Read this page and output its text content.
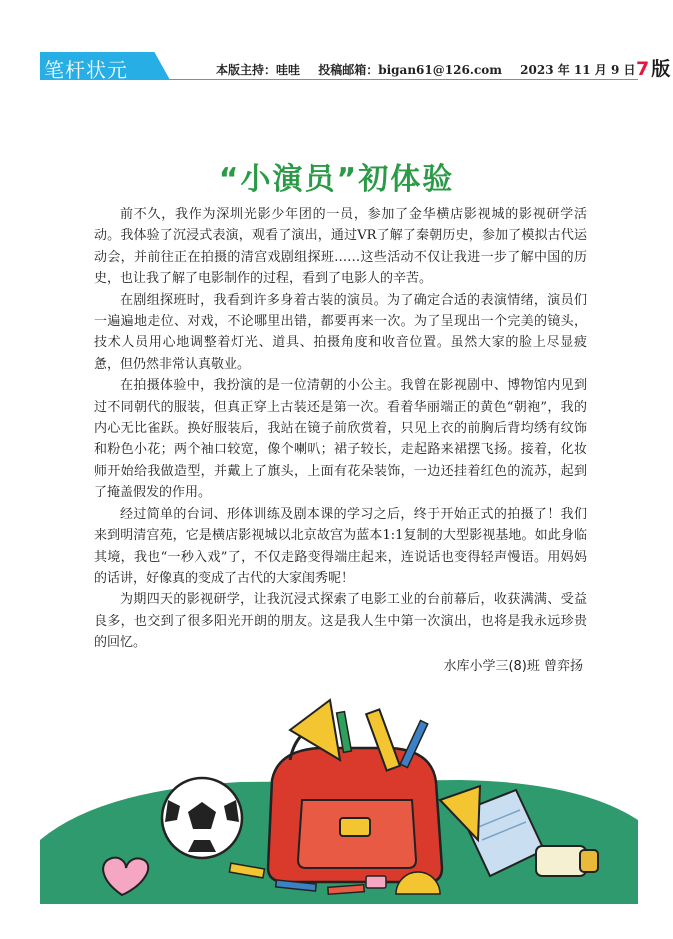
笔杆状元	本版主持：哇哇 投稿邮箱：bigan61@126.com 2023 年 11 月 9 日 7 版
“小演员”初体验

前不久，我作为深圳光影少年团的一员，参加了金华横店影视城的影视研学活动。我体验了沉浸式表演，观看了演出，通过VR了解了秦朝历史，参加了模拟古代运动会，并前往正在拍摄的清宫戏剧组探班……这些活动不仅让我进一步了解中国的历史，也让我了解了电影制作的过程，看到了电影人的辛苦。

在剧组探班时，我看到许多身着古装的演员。为了确定合适的表演情绪，演员们一遍遍地走位、对戏，不论哪里出错，都要再来一次。为了呈现出一个完美的镜头，技术人员用心地调整着灯光、道具、拍摄角度和收音位置。虽然大家的脸上尽显疲惫，但仍然非常认真敬业。

在拍摄体验中，我扮演的是一位清朝的小公主。我曾在影视剧中、博物馆内见到过不同朝代的服装，但真正穿上古装还是第一次。看着华丽端正的黄色“朝袍”，我的内心无比雀跃。换好服装后，我站在镜子前欣赏着，只见上衣的前胸后背均绣有纹饰和粉色小花；两个袖口较宽，像个喇叭；裙子较长，走起路来裙摆飞扬。接着，化妆师开始给我做造型，并戴上了旗头，上面有花朵装饰，一边还挂着红色的流苏，起到了掩盖假发的作用。

经过简单的台词、形体训练及剧本课的学习之后，终于开始正式的拍摄了！我们来到明清宫苑，它是横店影视城以北京故宫为蓝本1:1复制的大型影视基地。如此身临其境，我也“一秒入戏”了，不仅走路变得端庄起来，连说话也变得轻声慢语。用妈妈的话讲，好像真的变成了古代的大家闺秀呢！

为期四天的影视研学，让我沉浸式探索了电影工业的台前幕后，收获满满、受益良多，也交到了很多阳光开朗的朋友。这是我人生中第一次演出，也将是我永远珍贵的回忆。

水库小学三(8)班 曾弈扬
